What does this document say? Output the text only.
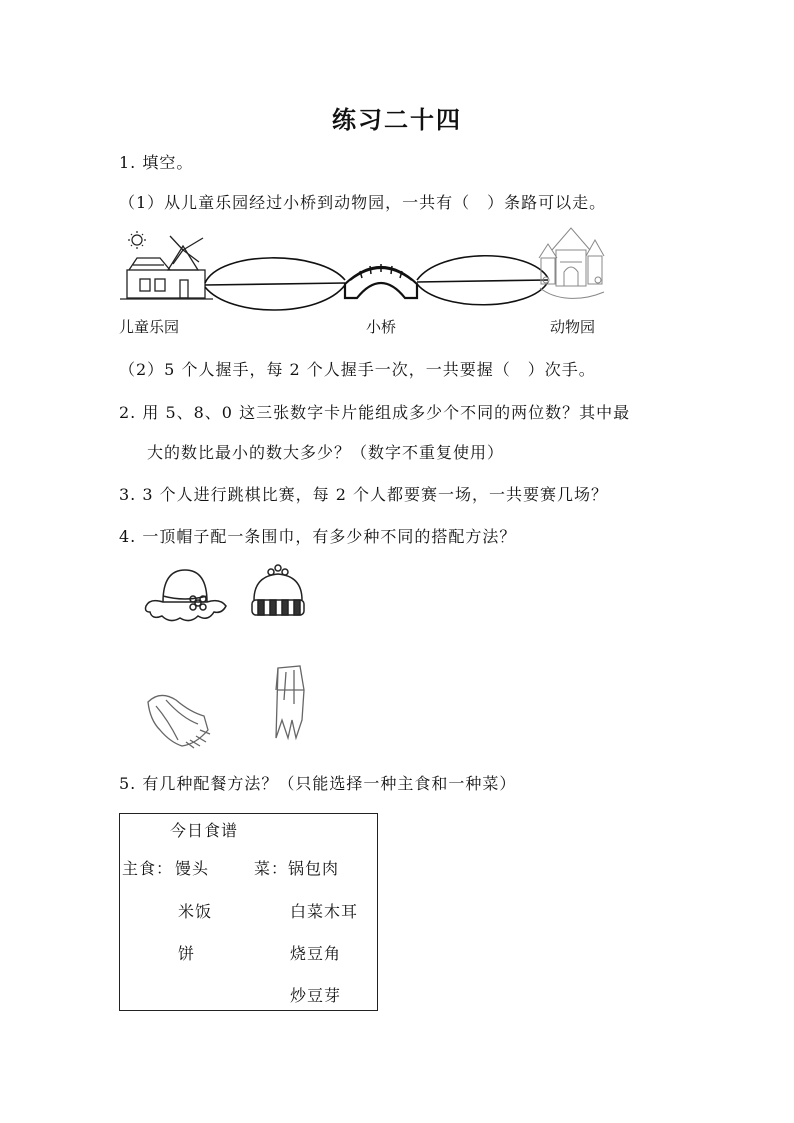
练习二十四
1. 填空。
（1）从儿童乐园经过小桥到动物园，一共有（　）条路可以走。
儿童乐园	小桥	动物园
（2）5 个人握手，每 2 个人握手一次，一共要握（　）次手。
2. 用 5、8、0 这三张数字卡片能组成多少个不同的两位数？其中最
大的数比最小的数大多少？（数字不重复使用）
3. 3 个人进行跳棋比赛，每 2 个人都要赛一场，一共要赛几场？
4. 一顶帽子配一条围巾，有多少种不同的搭配方法？
5. 有几种配餐方法？（只能选择一种主食和一种菜）
今日食谱
主食： 馒头
米饭
饼
菜： 锅包肉
白菜木耳
烧豆角
炒豆芽
